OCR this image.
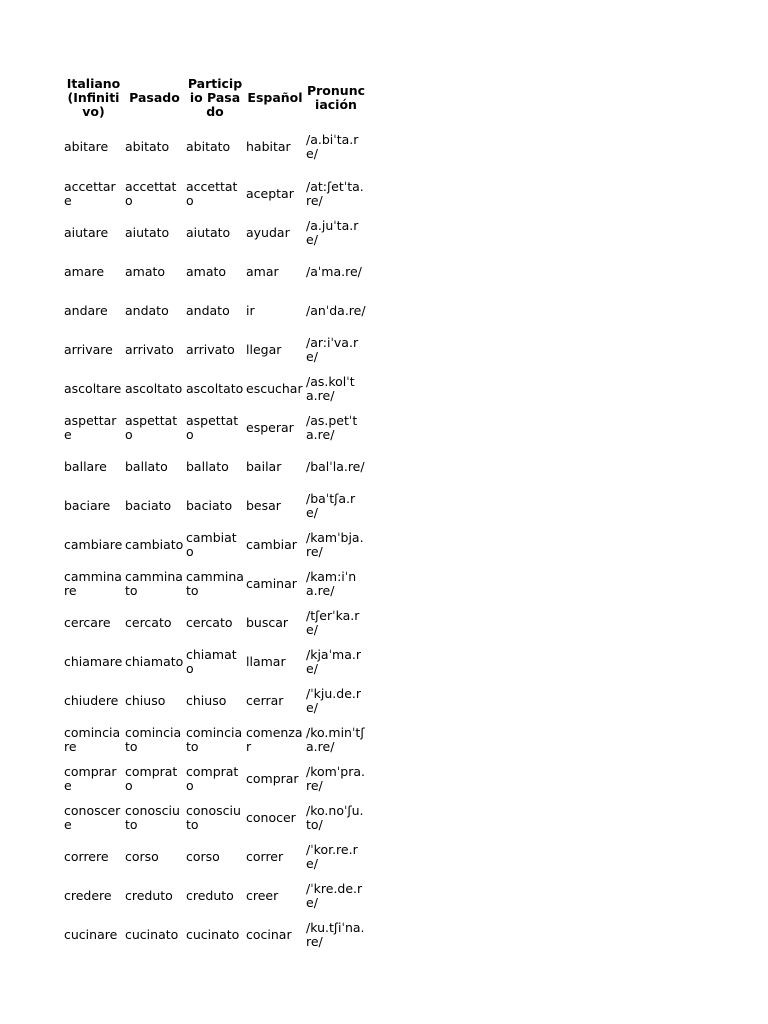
Italiano (Infinitivo)	Pasado	Participio Pasado	Español	Pronunciación
abitare	abitato	abitato	habitar	/a.biˈta.re/
accettare	accettato	accettato	aceptar	/at:ʃetˈta.re/
aiutare	aiutato	aiutato	ayudar	/a.juˈta.re/
amare	amato	amato	amar	/aˈma.re/
andare	andato	andato	ir	/anˈda.re/
arrivare	arrivato	arrivato	llegar	/ar:iˈva.re/
ascoltare	ascoltato	ascoltato	escuchar	/as.kolˈta.re/
aspettare	aspettato	aspettato	esperar	/as.petˈta.re/
ballare	ballato	ballato	bailar	/balˈla.re/
baciare	baciato	baciato	besar	/baˈtʃa.re/
cambiare	cambiato	cambiato	cambiar	/kamˈbja.re/
camminare	camminato	camminato	caminar	/kam:iˈna.re/
cercare	cercato	cercato	buscar	/tʃerˈka.re/
chiamare	chiamato	chiamato	llamar	/kjaˈma.re/
chiudere	chiuso	chiuso	cerrar	/ˈkju.de.re/
cominciare	cominciato	cominciato	comenzar	/ko.minˈtʃa.re/
comprare	comprato	comprato	comprar	/komˈpra.re/
conoscere	conosciuto	conosciuto	conocer	/ko.noˈʃu.to/
correre	corso	corso	correr	/ˈkor.re.re/
credere	creduto	creduto	creer	/ˈkre.de.re/
cucinare	cucinato	cucinato	cocinar	/ku.tʃiˈna.re/
